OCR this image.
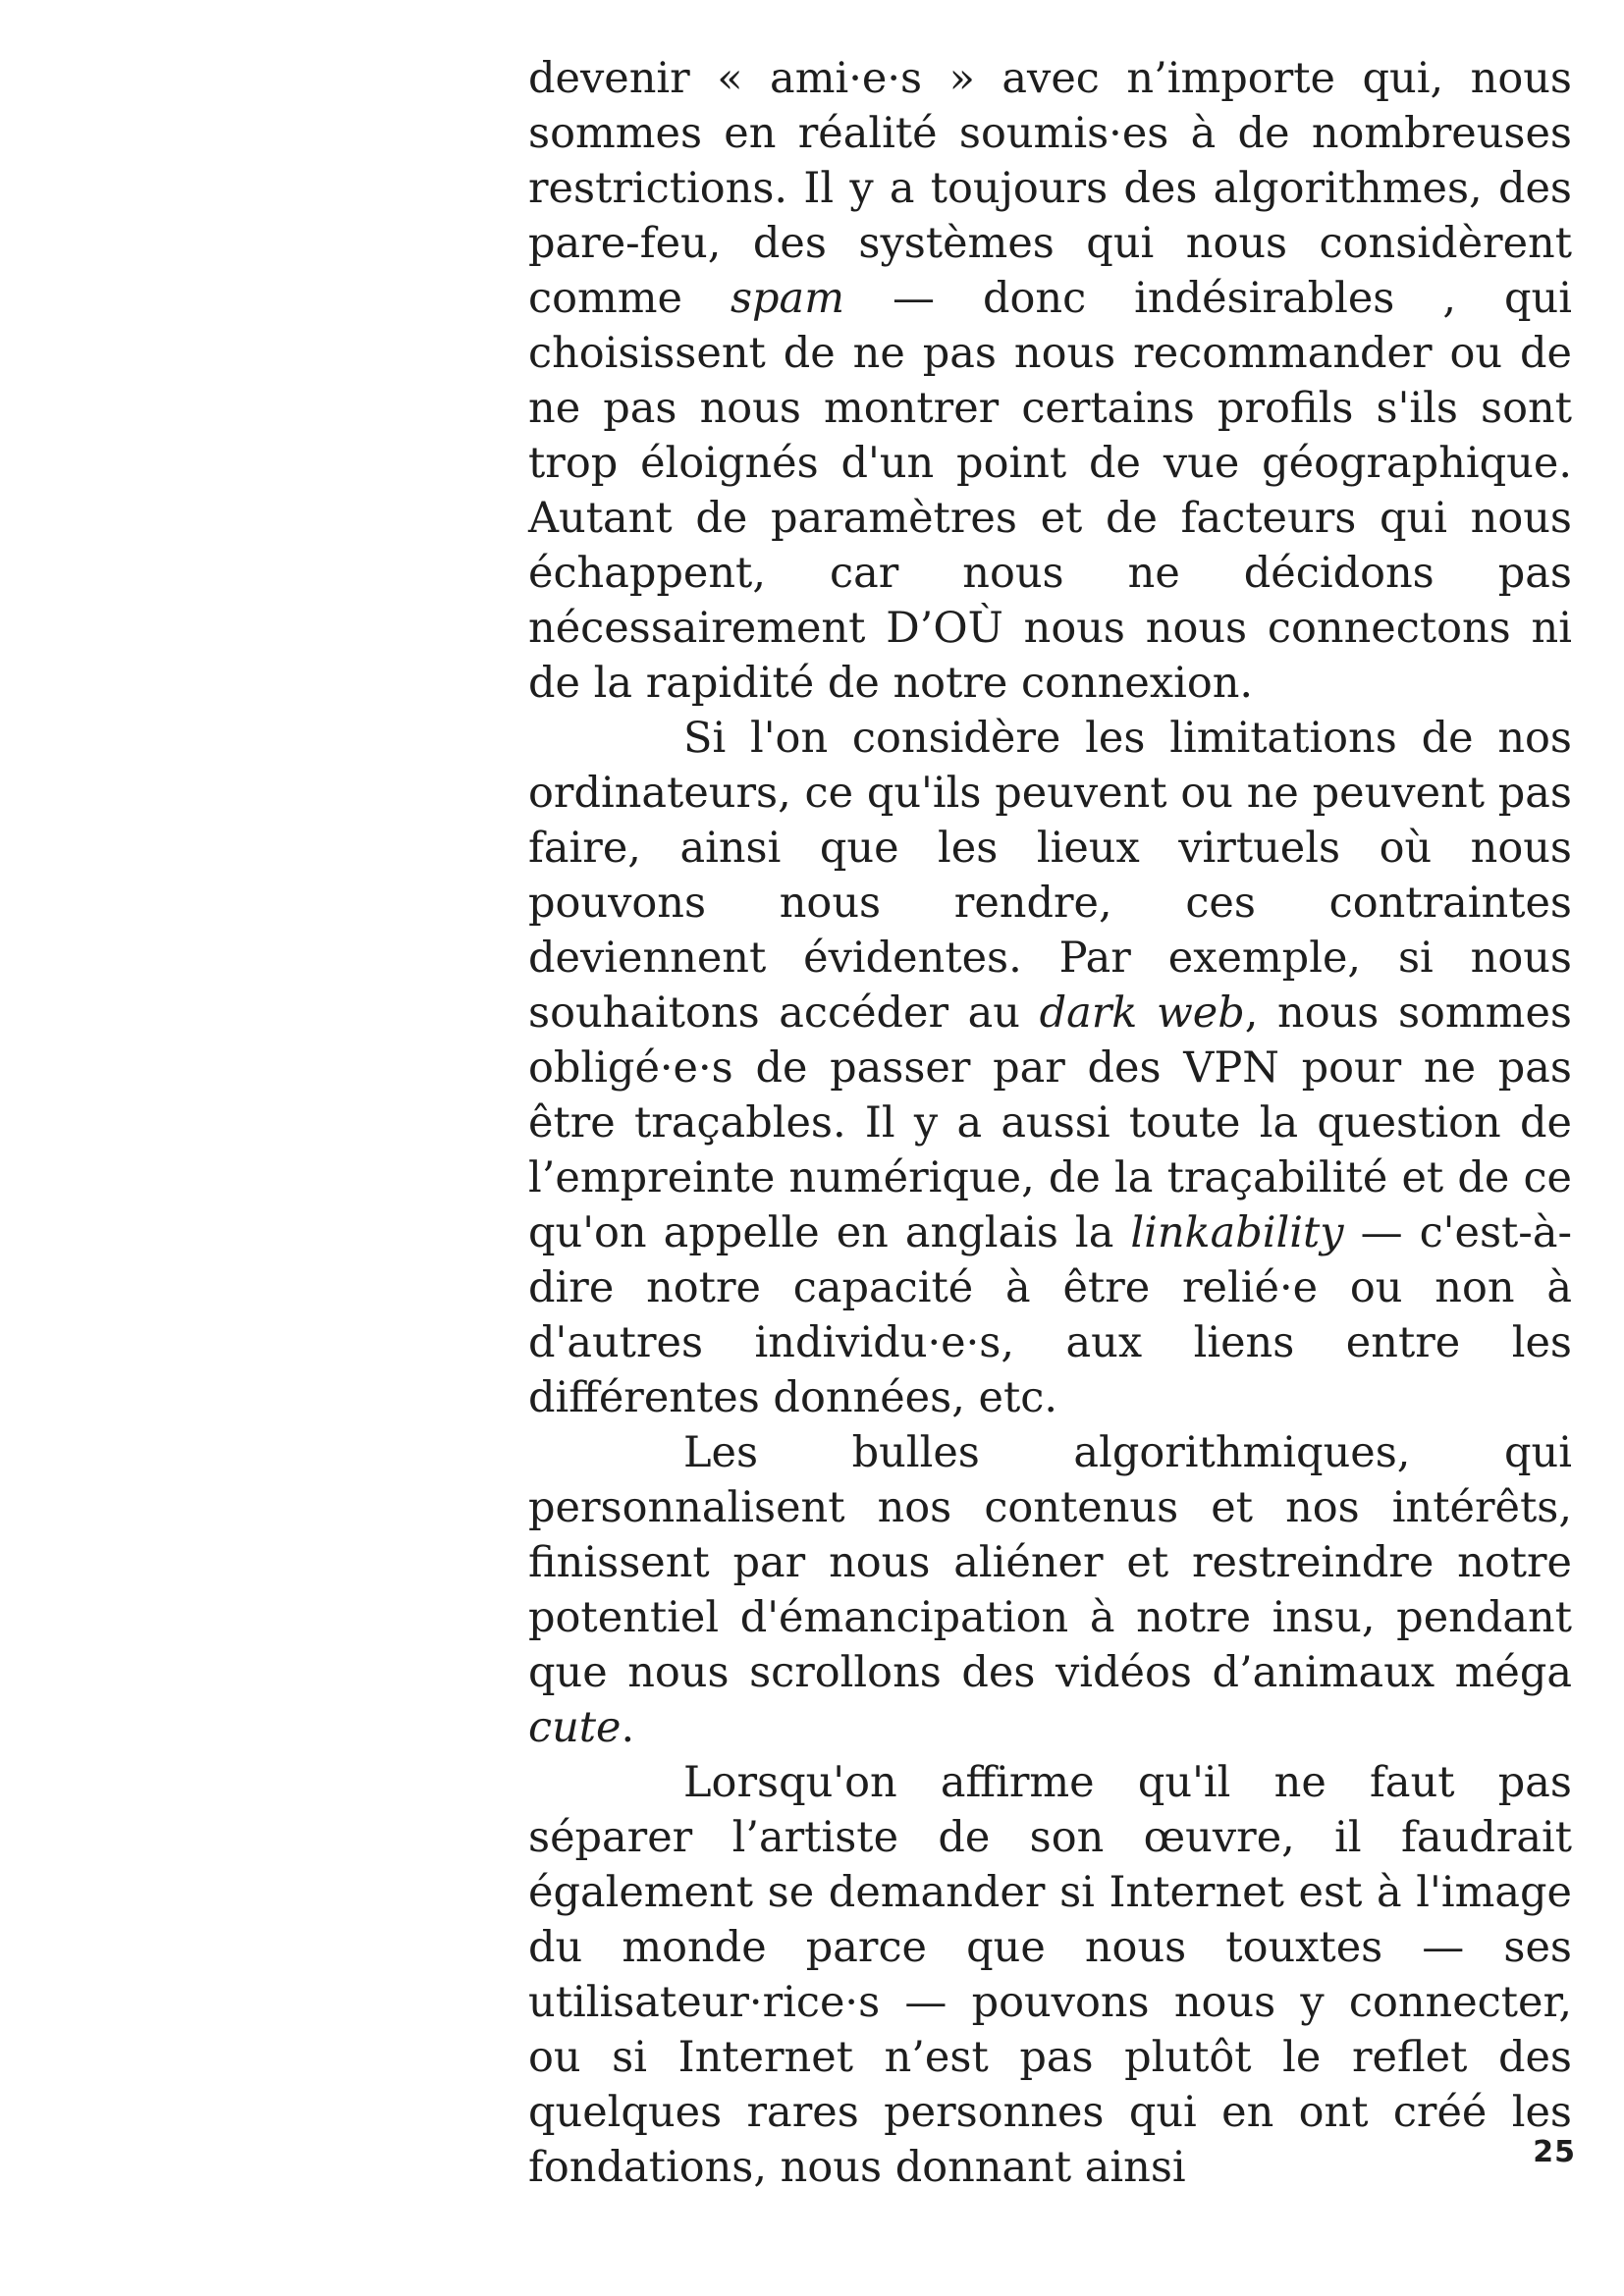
devenir « ami·e·s » avec n’importe qui, nous sommes en réalité soumis·es à de nombreuses restrictions. Il y a toujours des algorithmes, des pare-feu, des systèmes qui nous considèrent comme spam — donc indésirables , qui choisissent de ne pas nous recommander ou de ne pas nous montrer certains profils s'ils sont trop éloignés d'un point de vue géographique. Autant de paramètres et de facteurs qui nous échappent, car nous ne décidons pas nécessairement D’OÙ nous nous connectons ni de la rapidité de notre connexion.

Si l'on considère les limitations de nos ordinateurs, ce qu'ils peuvent ou ne peuvent pas faire, ainsi que les lieux virtuels où nous pouvons nous rendre, ces contraintes deviennent évidentes. Par exemple, si nous souhaitons accéder au dark web, nous sommes obligé·e·s de passer par des VPN pour ne pas être traçables. Il y a aussi toute la question de l’empreinte numérique, de la traçabilité et de ce qu'on appelle en anglais la linkability — c'est-à-dire notre capacité à être relié·e ou non à d'autres individu·e·s, aux liens entre les différentes données, etc.

Les bulles algorithmiques, qui personnalisent nos contenus et nos intérêts, finissent par nous aliéner et restreindre notre potentiel d'émancipation à notre insu, pendant que nous scrollons des vidéos d’animaux méga cute.

Lorsqu'on affirme qu'il ne faut pas séparer l’artiste de son œuvre, il faudrait également se demander si Internet est à l'image du monde parce que nous touxtes — ses utilisateur·rice·s — pouvons nous y connecter, ou si Internet n’est pas plutôt le reflet des quelques rares personnes qui en ont créé les fondations, nous donnant ainsi	25
